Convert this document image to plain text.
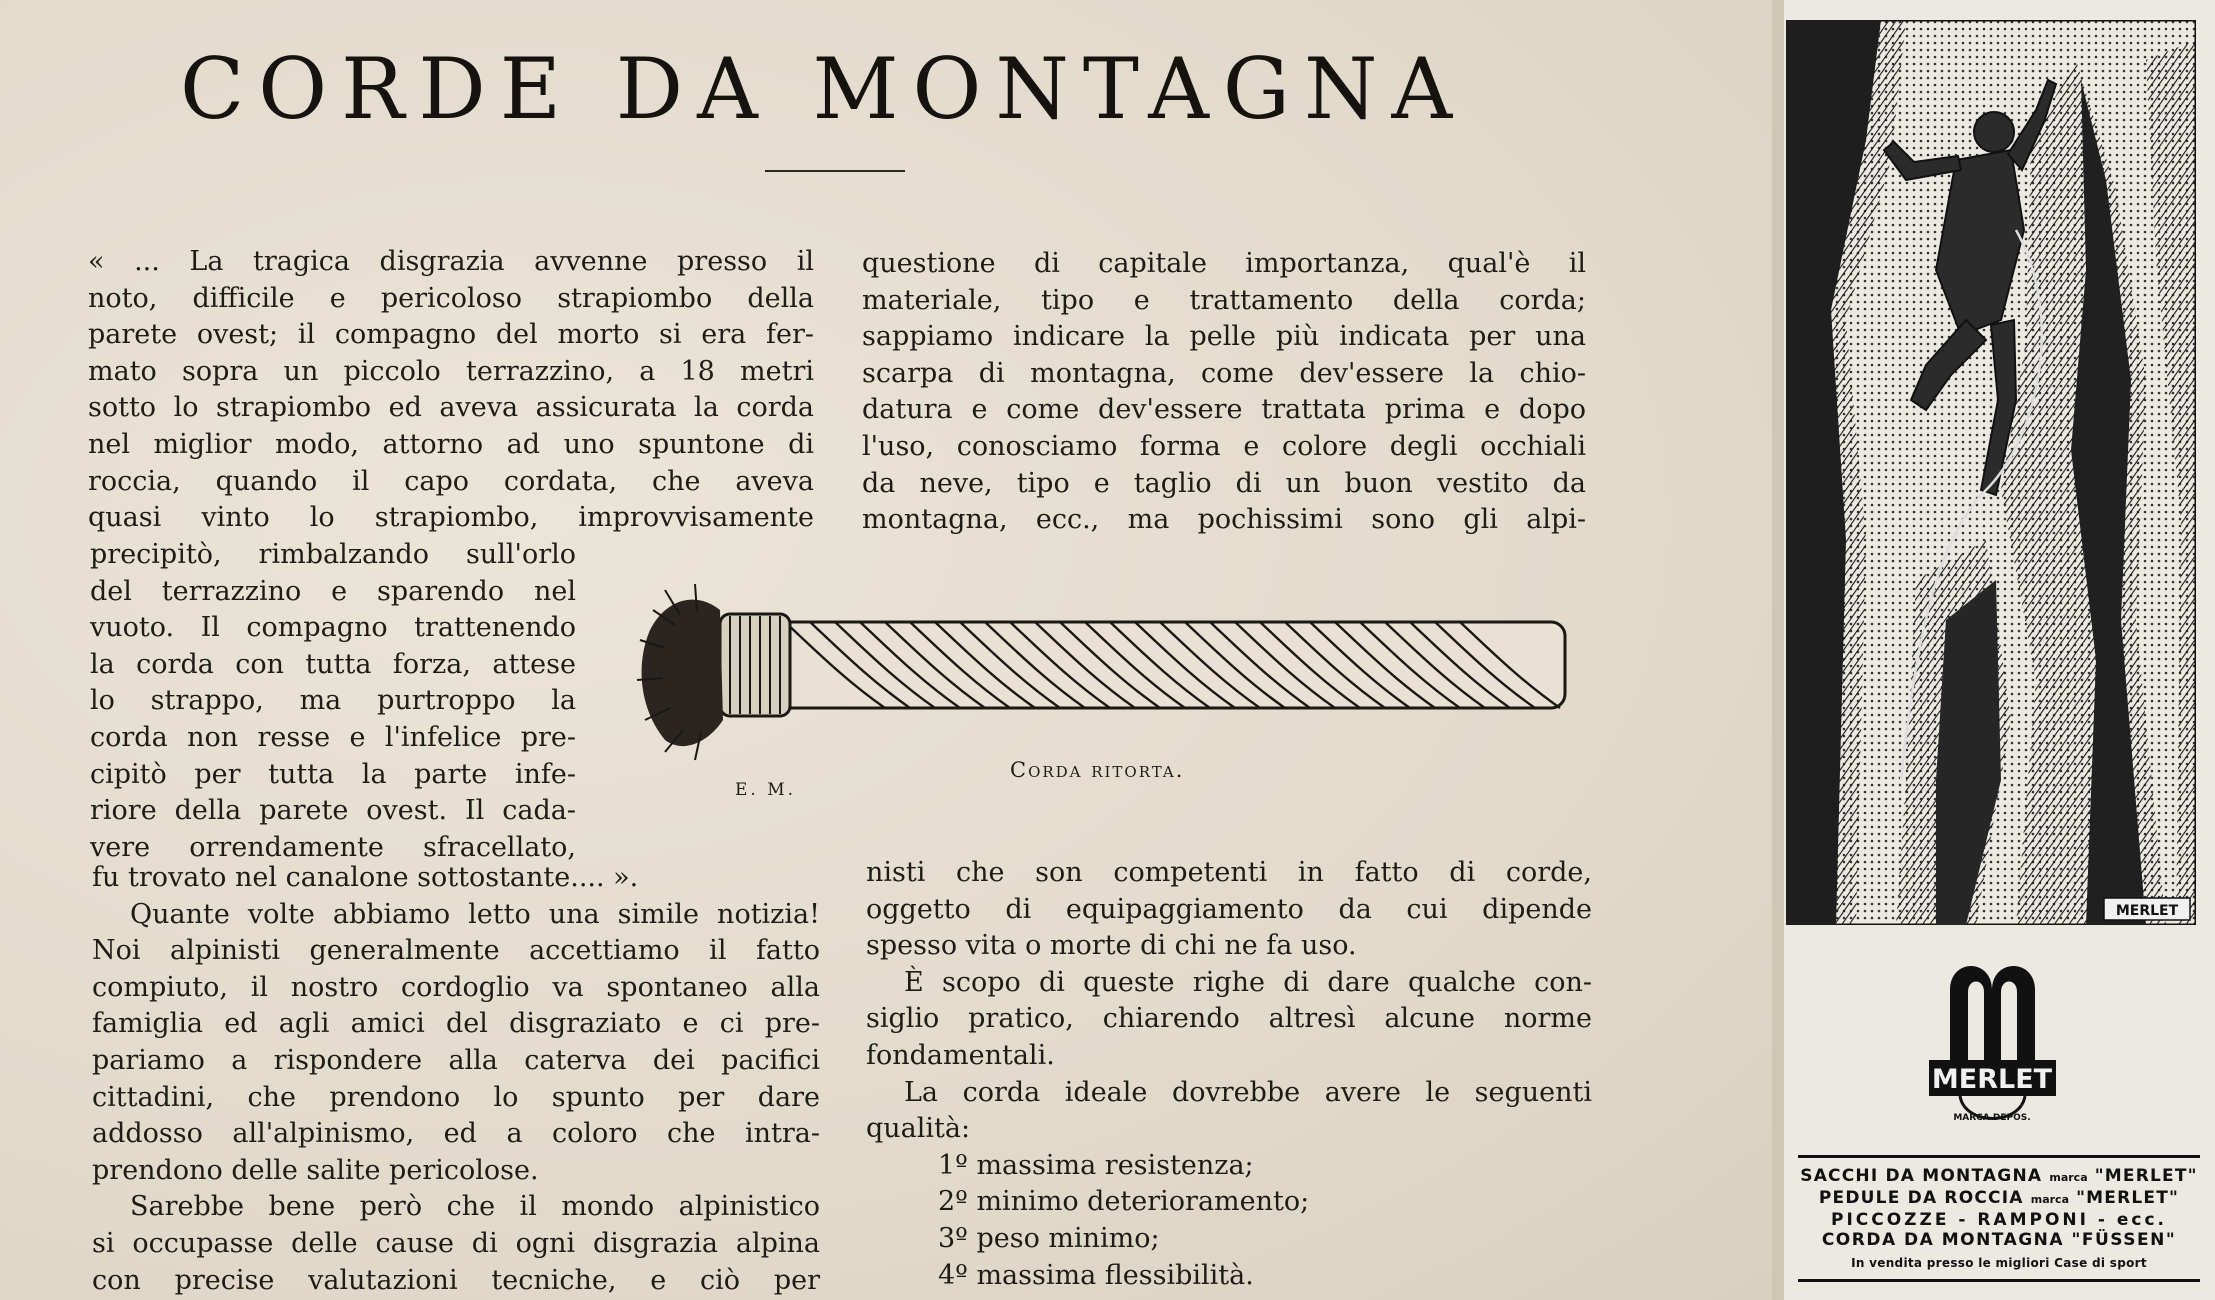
CORDE DA MONTAGNA

« ... La tragica disgrazia avvenne presso il

noto, difficile e pericoloso strapiombo della

parete ovest; il compagno del morto si era fer-

mato sopra un piccolo terrazzino, a 18 metri

sotto lo strapiombo ed aveva assicurata la corda

nel miglior modo, attorno ad uno spuntone di

roccia, quando il capo cordata, che aveva

quasi vinto lo strapiombo, improvvisamente

precipitò, rimbalzando sull'orlo

del terrazzino e sparendo nel

vuoto. Il compagno trattenendo

la corda con tutta forza, attese

lo strappo, ma purtroppo la

corda non resse e l'infelice pre-

cipitò per tutta la parte infe-

riore della parete ovest. Il cada-

vere orrendamente sfracellato,

fu trovato nel canalone sottostante.... ».

Quante volte abbiamo letto una simile notizia!

Noi alpinisti generalmente accettiamo il fatto

compiuto, il nostro cordoglio va spontaneo alla

famiglia ed agli amici del disgraziato e ci pre-

pariamo a rispondere alla caterva dei pacifici

cittadini, che prendono lo spunto per dare

addosso all'alpinismo, ed a coloro che intra-

prendono delle salite pericolose.

Sarebbe bene però che il mondo alpinistico

si occupasse delle cause di ogni disgrazia alpina

con precise valutazioni tecniche, e ciò per

questione di capitale importanza, qual'è il

materiale, tipo e trattamento della corda;

sappiamo indicare la pelle più indicata per una

scarpa di montagna, come dev'essere la chio-

datura e come dev'essere trattata prima e dopo

l'uso, conosciamo forma e colore degli occhiali

da neve, tipo e taglio di un buon vestito da

montagna, ecc., ma pochissimi sono gli alpi-

Corda ritorta.

E. M.

nisti che son competenti in fatto di corde,

oggetto di equipaggiamento da cui dipende

spesso vita o morte di chi ne fa uso.

È scopo di queste righe di dare qualche con-

siglio pratico, chiarendo altresì alcune norme

fondamentali.

La corda ideale dovrebbe avere le seguenti

qualità:

1º massima resistenza;

2º minimo deterioramento;

3º peso minimo;

4º massima flessibilità.

MERLET
MERLET
MARCA DEPOS.
SACCHI DA MONTAGNA marca "MERLET"
PEDULE DA ROCCIA marca "MERLET"
PICCOZZE - RAMPONI - ecc.
CORDA DA MONTAGNA "FÜSSEN"
In vendita presso le migliori Case di sport
